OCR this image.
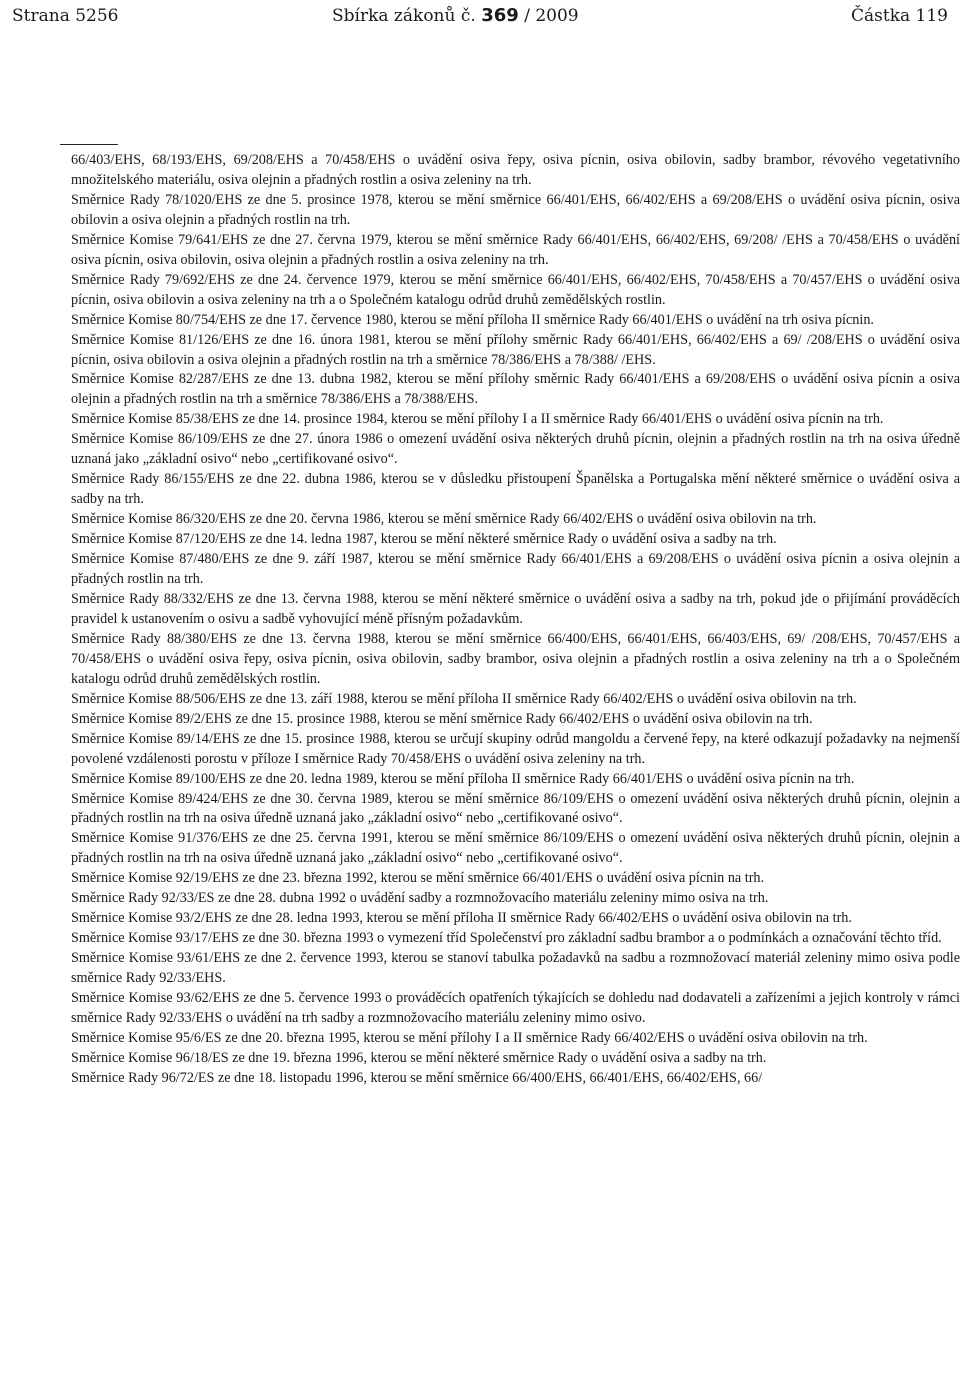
Strana 5256	Sbírka zákonů č. 369 / 2009	Částka 119

66/403/EHS, 68/193/EHS, 69/208/EHS a 70/458/EHS o uvádění osiva řepy, osiva pícnin, osiva obilovin, sadby brambor, révového vegetativního množitelského materiálu, osiva olejnin a přadných rostlin a osiva zeleniny na trh.

Směrnice Rady 78/1020/EHS ze dne 5. prosince 1978, kterou se mění směrnice 66/401/EHS, 66/402/EHS a 69/208/EHS o uvádění osiva pícnin, osiva obilovin a osiva olejnin a přadných rostlin na trh.

Směrnice Komise 79/641/EHS ze dne 27. června 1979, kterou se mění směrnice Rady 66/401/EHS, 66/402/EHS, 69/208/ /EHS a 70/458/EHS o uvádění osiva pícnin, osiva obilovin, osiva olejnin a přadných rostlin a osiva zeleniny na trh.

Směrnice Rady 79/692/EHS ze dne 24. července 1979, kterou se mění směrnice 66/401/EHS, 66/402/EHS, 70/458/EHS a 70/457/EHS o uvádění osiva pícnin, osiva obilovin a osiva zeleniny na trh a o Společném katalogu odrůd druhů zemědělských rostlin.

Směrnice Komise 80/754/EHS ze dne 17. července 1980, kterou se mění příloha II směrnice Rady 66/401/EHS o uvádění na trh osiva pícnin.

Směrnice Komise 81/126/EHS ze dne 16. února 1981, kterou se mění přílohy směrnic Rady 66/401/EHS, 66/402/EHS a 69/ /208/EHS o uvádění osiva pícnin, osiva obilovin a osiva olejnin a přadných rostlin na trh a směrnice 78/386/EHS a 78/388/ /EHS.

Směrnice Komise 82/287/EHS ze dne 13. dubna 1982, kterou se mění přílohy směrnic Rady 66/401/EHS a 69/208/EHS o uvádění osiva pícnin a osiva olejnin a přadných rostlin na trh a směrnice 78/386/EHS a 78/388/EHS.

Směrnice Komise 85/38/EHS ze dne 14. prosince 1984, kterou se mění přílohy I a II směrnice Rady 66/401/EHS o uvádění osiva pícnin na trh.

Směrnice Komise 86/109/EHS ze dne 27. února 1986 o omezení uvádění osiva některých druhů pícnin, olejnin a přadných rostlin na trh na osiva úředně uznaná jako „základní osivo“ nebo „certifikované osivo“.

Směrnice Rady 86/155/EHS ze dne 22. dubna 1986, kterou se v důsledku přistoupení Španělska a Portugalska mění některé směrnice o uvádění osiva a sadby na trh.

Směrnice Komise 86/320/EHS ze dne 20. června 1986, kterou se mění směrnice Rady 66/402/EHS o uvádění osiva obilovin na trh.

Směrnice Komise 87/120/EHS ze dne 14. ledna 1987, kterou se mění některé směrnice Rady o uvádění osiva a sadby na trh.

Směrnice Komise 87/480/EHS ze dne 9. září 1987, kterou se mění směrnice Rady 66/401/EHS a 69/208/EHS o uvádění osiva pícnin a osiva olejnin a přadných rostlin na trh.

Směrnice Rady 88/332/EHS ze dne 13. června 1988, kterou se mění některé směrnice o uvádění osiva a sadby na trh, pokud jde o přijímání prováděcích pravidel k ustanovením o osivu a sadbě vyhovující méně přísným požadavkům.

Směrnice Rady 88/380/EHS ze dne 13. června 1988, kterou se mění směrnice 66/400/EHS, 66/401/EHS, 66/403/EHS, 69/ /208/EHS, 70/457/EHS a 70/458/EHS o uvádění osiva řepy, osiva pícnin, osiva obilovin, sadby brambor, osiva olejnin a přadných rostlin a osiva zeleniny na trh a o Společném katalogu odrůd druhů zemědělských rostlin.

Směrnice Komise 88/506/EHS ze dne 13. září 1988, kterou se mění příloha II směrnice Rady 66/402/EHS o uvádění osiva obilovin na trh.

Směrnice Komise 89/2/EHS ze dne 15. prosince 1988, kterou se mění směrnice Rady 66/402/EHS o uvádění osiva obilovin na trh.

Směrnice Komise 89/14/EHS ze dne 15. prosince 1988, kterou se určují skupiny odrůd mangoldu a červené řepy, na které odkazují požadavky na nejmenší povolené vzdálenosti porostu v příloze I směrnice Rady 70/458/EHS o uvádění osiva zeleniny na trh.

Směrnice Komise 89/100/EHS ze dne 20. ledna 1989, kterou se mění příloha II směrnice Rady 66/401/EHS o uvádění osiva pícnin na trh.

Směrnice Komise 89/424/EHS ze dne 30. června 1989, kterou se mění směrnice 86/109/EHS o omezení uvádění osiva některých druhů pícnin, olejnin a přadných rostlin na trh na osiva úředně uznaná jako „základní osivo“ nebo „certifikované osivo“.

Směrnice Komise 91/376/EHS ze dne 25. června 1991, kterou se mění směrnice 86/109/EHS o omezení uvádění osiva některých druhů pícnin, olejnin a přadných rostlin na trh na osiva úředně uznaná jako „základní osivo“ nebo „certifikované osivo“.

Směrnice Komise 92/19/EHS ze dne 23. března 1992, kterou se mění směrnice 66/401/EHS o uvádění osiva pícnin na trh.

Směrnice Rady 92/33/ES ze dne 28. dubna 1992 o uvádění sadby a rozmnožovacího materiálu zeleniny mimo osiva na trh.

Směrnice Komise 93/2/EHS ze dne 28. ledna 1993, kterou se mění příloha II směrnice Rady 66/402/EHS o uvádění osiva obilovin na trh.

Směrnice Komise 93/17/EHS ze dne 30. března 1993 o vymezení tříd Společenství pro základní sadbu brambor a o podmínkách a označování těchto tříd.

Směrnice Komise 93/61/EHS ze dne 2. července 1993, kterou se stanoví tabulka požadavků na sadbu a rozmnožovací materiál zeleniny mimo osiva podle směrnice Rady 92/33/EHS.

Směrnice Komise 93/62/EHS ze dne 5. července 1993 o prováděcích opatřeních týkajících se dohledu nad dodavateli a zařízeními a jejich kontroly v rámci směrnice Rady 92/33/EHS o uvádění na trh sadby a rozmnožovacího materiálu zeleniny mimo osivo.

Směrnice Komise 95/6/ES ze dne 20. března 1995, kterou se mění přílohy I a II směrnice Rady 66/402/EHS o uvádění osiva obilovin na trh.

Směrnice Komise 96/18/ES ze dne 19. března 1996, kterou se mění některé směrnice Rady o uvádění osiva a sadby na trh.

Směrnice Rady 96/72/ES ze dne 18. listopadu 1996, kterou se mění směrnice 66/400/EHS, 66/401/EHS, 66/402/EHS, 66/
